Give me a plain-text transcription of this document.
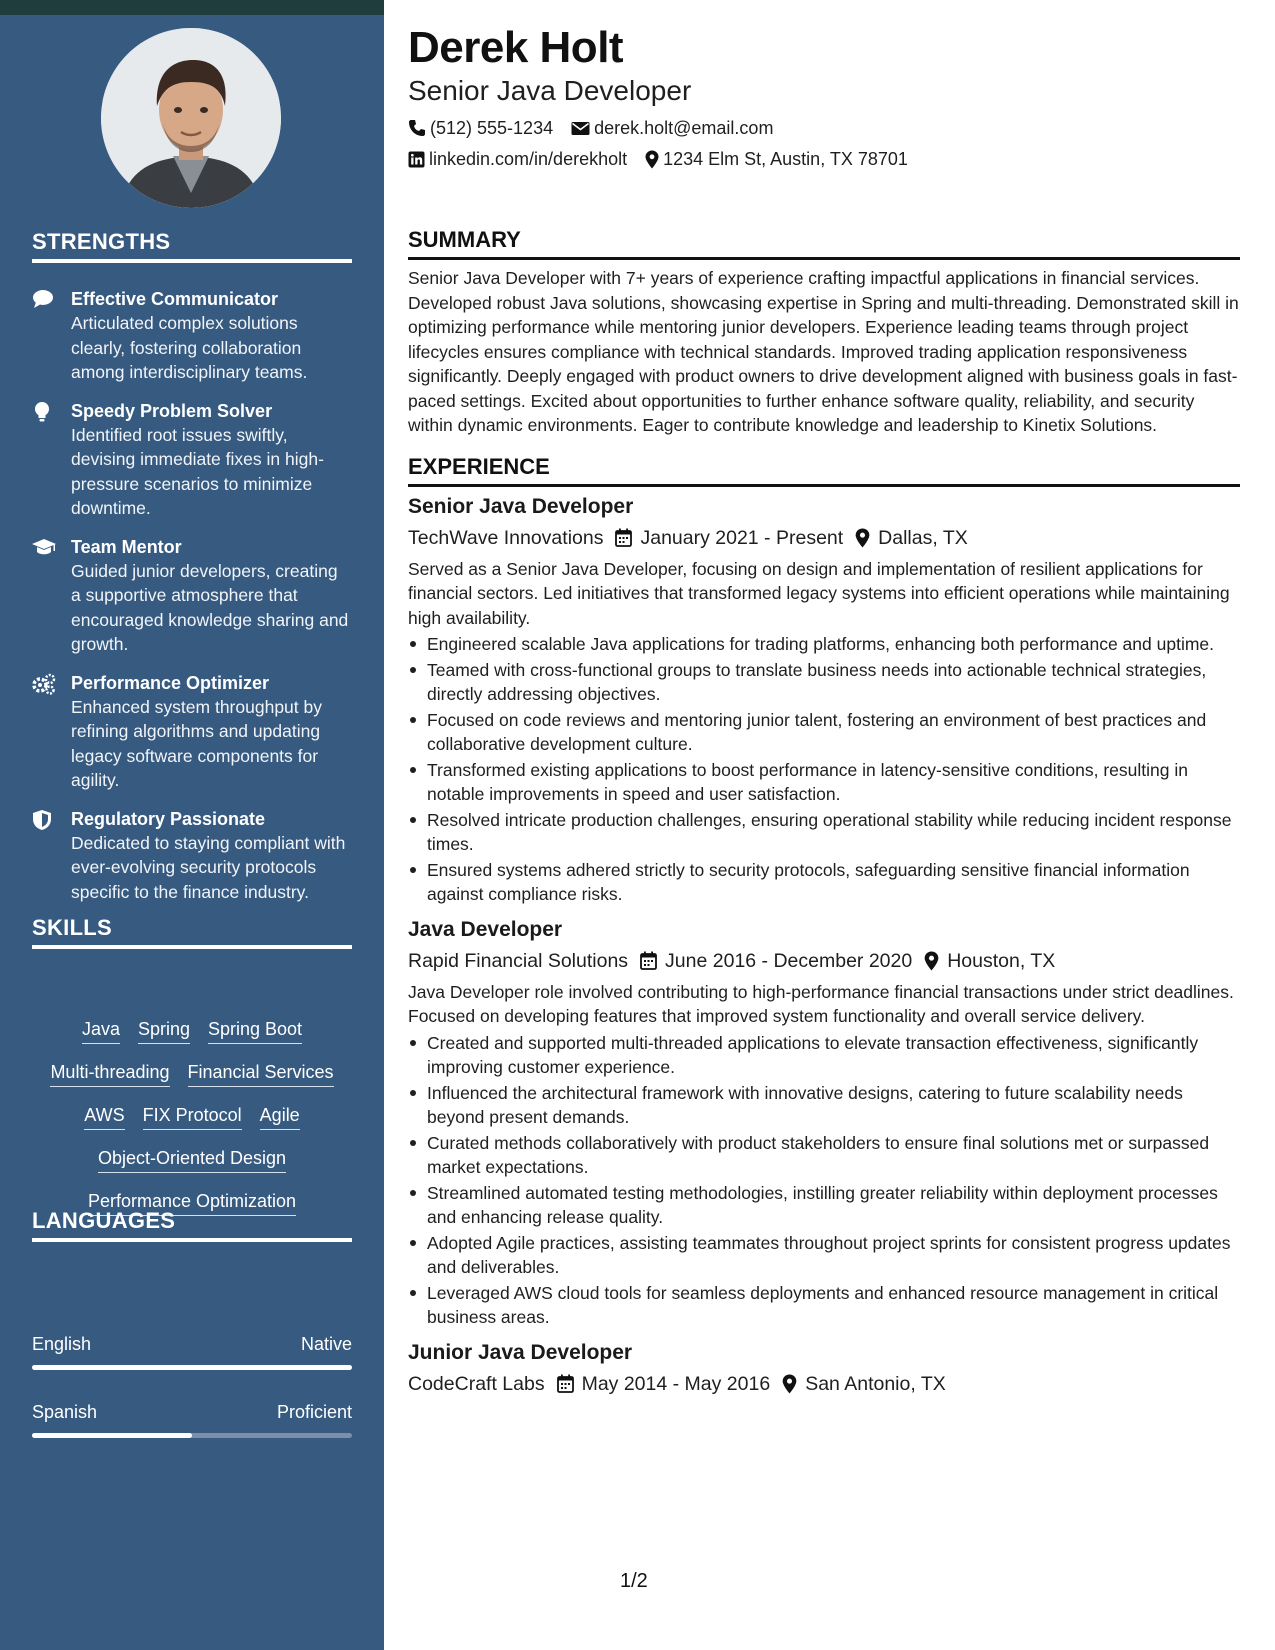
STRENGTHS
Effective Communicator
Articulated complex solutions clearly, fostering collaboration among interdisciplinary teams.
Speedy Problem Solver
Identified root issues swiftly, devising immediate fixes in high-pressure scenarios to minimize downtime.
Team Mentor
Guided junior developers, creating a supportive atmosphere that encouraged knowledge sharing and growth.
Performance Optimizer
Enhanced system throughput by refining algorithms and updating legacy software components for agility.
Regulatory Passionate
Dedicated to staying compliant with ever-evolving security protocols specific to the finance industry.
SKILLS
Java Spring Spring Boot
Multi-threading Financial Services
AWS FIX Protocol Agile
Object-Oriented Design
Performance Optimization
LANGUAGES
English	Native
Spanish	Proficient
Derek Holt
Senior Java Developer
(512) 555-1234 derek.holt@email.com
linkedin.com/in/derekholt 1234 Elm St, Austin, TX 78701
SUMMARY
Senior Java Developer with 7+ years of experience crafting impactful applications in financial services. Developed robust Java solutions, showcasing expertise in Spring and multi-threading. Demonstrated skill in optimizing performance while mentoring junior developers. Experience leading teams through project lifecycles ensures compliance with technical standards. Improved trading application responsiveness significantly. Deeply engaged with product owners to drive development aligned with business goals in fast-paced settings. Excited about opportunities to further enhance software quality, reliability, and security within dynamic environments. Eager to contribute knowledge and leadership to Kinetix Solutions.
EXPERIENCE
Senior Java Developer
TechWave Innovations January 2021 - Present Dallas, TX
Served as a Senior Java Developer, focusing on design and implementation of resilient applications for financial sectors. Led initiatives that transformed legacy systems into efficient operations while maintaining high availability.
Engineered scalable Java applications for trading platforms, enhancing both performance and uptime.
Teamed with cross-functional groups to translate business needs into actionable technical strategies, directly addressing objectives.
Focused on code reviews and mentoring junior talent, fostering an environment of best practices and collaborative development culture.
Transformed existing applications to boost performance in latency-sensitive conditions, resulting in notable improvements in speed and user satisfaction.
Resolved intricate production challenges, ensuring operational stability while reducing incident response times.
Ensured systems adhered strictly to security protocols, safeguarding sensitive financial information against compliance risks.
Java Developer
Rapid Financial Solutions June 2016 - December 2020 Houston, TX
Java Developer role involved contributing to high-performance financial transactions under strict deadlines. Focused on developing features that improved system functionality and overall service delivery.
Created and supported multi-threaded applications to elevate transaction effectiveness, significantly improving customer experience.
Influenced the architectural framework with innovative designs, catering to future scalability needs beyond present demands.
Curated methods collaboratively with product stakeholders to ensure final solutions met or surpassed market expectations.
Streamlined automated testing methodologies, instilling greater reliability within deployment processes and enhancing release quality.
Adopted Agile practices, assisting teammates throughout project sprints for consistent progress updates and deliverables.
Leveraged AWS cloud tools for seamless deployments and enhanced resource management in critical business areas.
Junior Java Developer
CodeCraft Labs May 2014 - May 2016 San Antonio, TX
1/2
